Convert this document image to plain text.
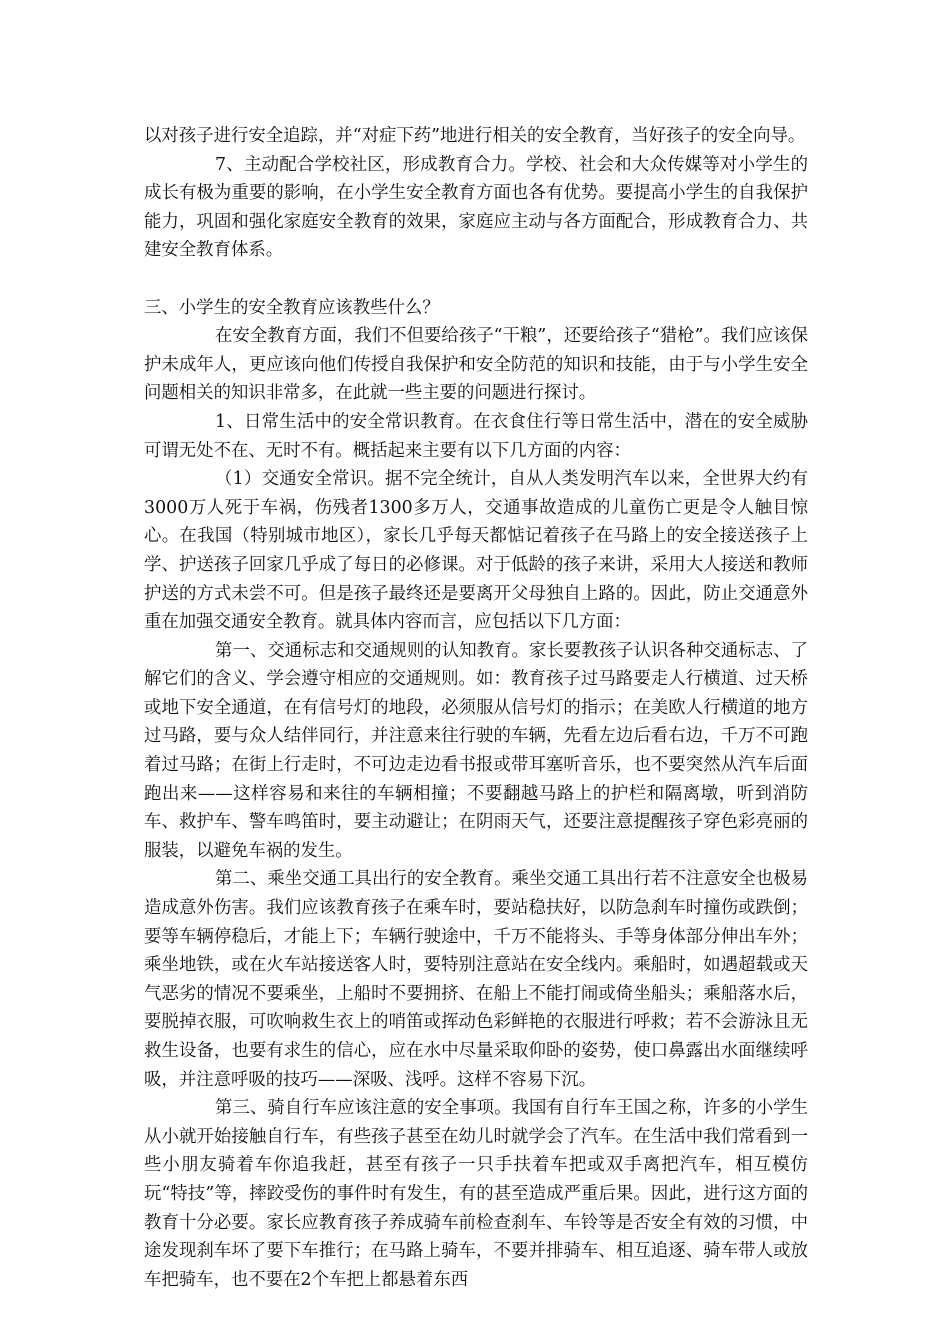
以对孩子进行安全追踪，并“对症下药”地进行相关的安全教育，当好孩子的安全向导。

7、主动配合学校社区，形成教育合力。学校、社会和大众传媒等对小学生的成长有极为重要的影响，在小学生安全教育方面也各有优势。要提高小学生的自我保护能力，巩固和强化家庭安全教育的效果，家庭应主动与各方面配合，形成教育合力、共建安全教育体系。

三、小学生的安全教育应该教些什么？

在安全教育方面，我们不但要给孩子“干粮”，还要给孩子“猎枪”。我们应该保护未成年人，更应该向他们传授自我保护和安全防范的知识和技能，由于与小学生安全问题相关的知识非常多，在此就一些主要的问题进行探讨。

1、日常生活中的安全常识教育。在衣食住行等日常生活中，潜在的安全威胁可谓无处不在、无时不有。概括起来主要有以下几方面的内容：

（1）交通安全常识。据不完全统计，自从人类发明汽车以来，全世界大约有3000万人死于车祸，伤残者1300多万人，交通事故造成的儿童伤亡更是令人触目惊心。在我国（特别城市地区），家长几乎每天都惦记着孩子在马路上的安全接送孩子上学、护送孩子回家几乎成了每日的必修课。对于低龄的孩子来讲，采用大人接送和教师护送的方式未尝不可。但是孩子最终还是要离开父母独自上路的。因此，防止交通意外重在加强交通安全教育。就具体内容而言，应包括以下几方面：

第一、交通标志和交通规则的认知教育。家长要教孩子认识各种交通标志、了解它们的含义、学会遵守相应的交通规则。如：教育孩子过马路要走人行横道、过天桥或地下安全通道，在有信号灯的地段，必须服从信号灯的指示；在美欧人行横道的地方过马路，要与众人结伴同行，并注意来往行驶的车辆，先看左边后看右边，千万不可跑着过马路；在街上行走时，不可边走边看书报或带耳塞听音乐，也不要突然从汽车后面跑出来——这样容易和来往的车辆相撞；不要翻越马路上的护栏和隔离墩，听到消防车、救护车、警车鸣笛时，要主动避让；在阴雨天气，还要注意提醒孩子穿色彩亮丽的服装，以避免车祸的发生。

第二、乘坐交通工具出行的安全教育。乘坐交通工具出行若不注意安全也极易造成意外伤害。我们应该教育孩子在乘车时，要站稳扶好，以防急刹车时撞伤或跌倒；要等车辆停稳后，才能上下；车辆行驶途中，千万不能将头、手等身体部分伸出车外；乘坐地铁，或在火车站接送客人时，要特别注意站在安全线内。乘船时，如遇超载或天气恶劣的情况不要乘坐，上船时不要拥挤、在船上不能打闹或倚坐船头；乘船落水后，要脱掉衣服，可吹响救生衣上的哨笛或挥动色彩鲜艳的衣服进行呼救；若不会游泳且无救生设备，也要有求生的信心，应在水中尽量采取仰卧的姿势，使口鼻露出水面继续呼吸，并注意呼吸的技巧——深吸、浅呼。这样不容易下沉。

第三、骑自行车应该注意的安全事项。我国有自行车王国之称，许多的小学生从小就开始接触自行车，有些孩子甚至在幼儿时就学会了汽车。在生活中我们常看到一些小朋友骑着车你追我赶，甚至有孩子一只手扶着车把或双手离把汽车，相互模仿玩“特技”等，摔跤受伤的事件时有发生，有的甚至造成严重后果。因此，进行这方面的教育十分必要。家长应教育孩子养成骑车前检查刹车、车铃等是否安全有效的习惯，中途发现刹车坏了要下车推行；在马路上骑车，不要并排骑车、相互追逐、骑车带人或放车把骑车，也不要在2个车把上都悬着东西
